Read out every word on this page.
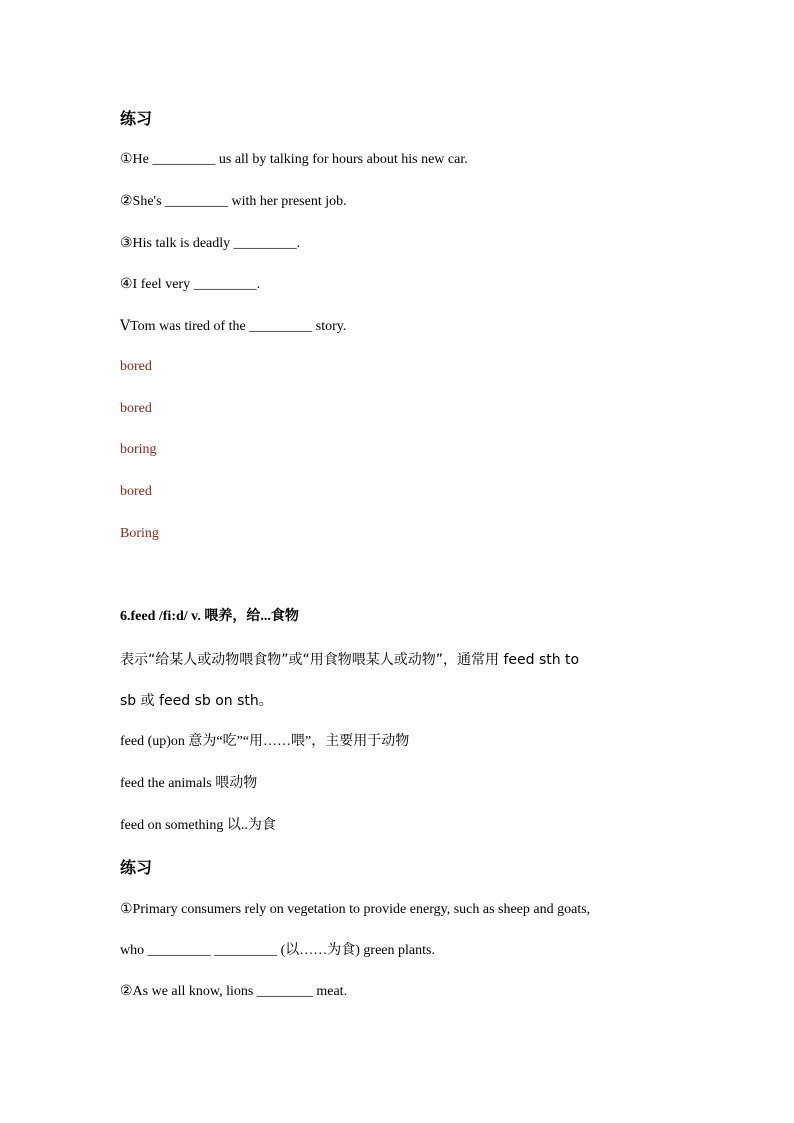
练习
①He _________ us all by talking for hours about his new car.
②She's _________ with her present job.
③His talk is deadly _________.
④I feel very _________.
ⅤTom was tired of the _________ story.
bored
bored
boring
bored
Boring
6.feed /fi:d/ v. 喂养，给...食物
表示“给某人或动物喂食物”或“用食物喂某人或动物”，通常用 feed sth to
sb 或 feed sb on sth。
feed (up)on 意为“吃”“用……喂”，主要用于动物
feed the animals 喂动物
feed on something 以..为食
练习
①Primary consumers rely on vegetation to provide energy, such as sheep and goats,
who _________ _________ (以……为食) green plants.
②As we all know, lions ________ meat.
